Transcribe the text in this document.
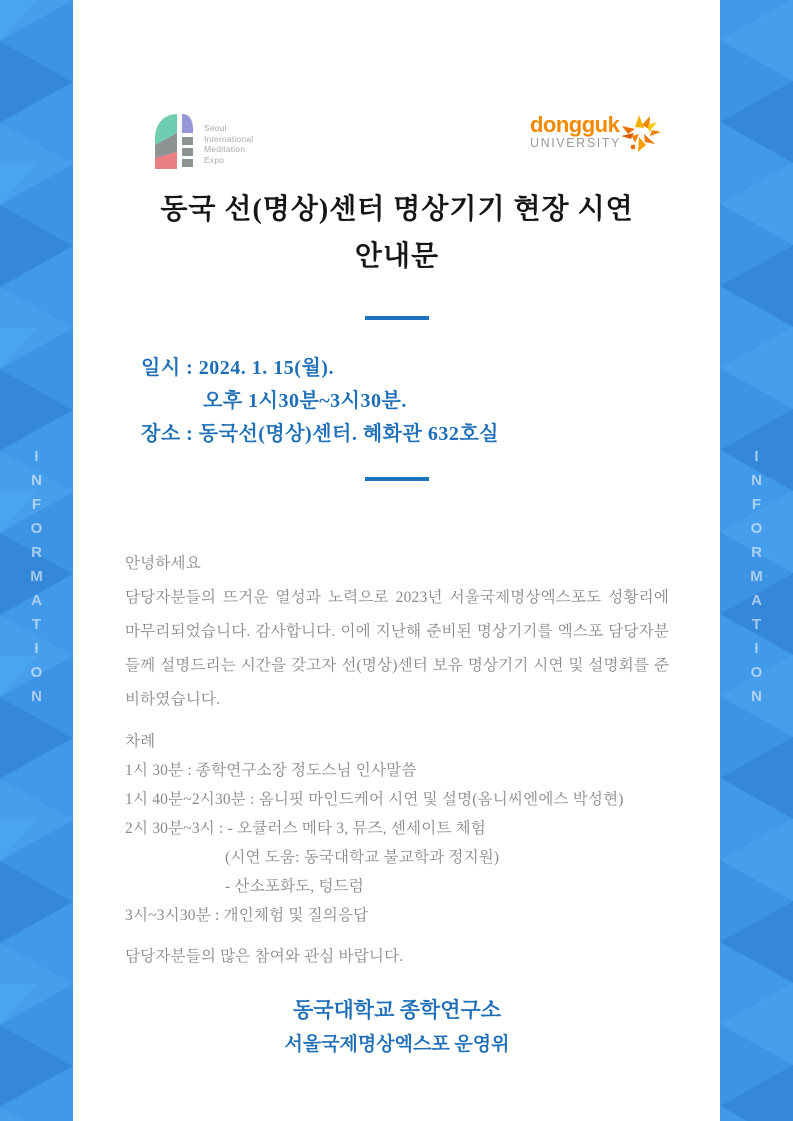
INFORMATION	INFORMATION
Seoul
International
Meditation
Expo
dongguk
UNIVERSITY
동국 선(명상)센터 명상기기 현장 시연
안내문
일시 : 2024. 1. 15(월).
오후 1시30분~3시30분.
장소 : 동국선(명상)센터. 혜화관 632호실
안녕하세요

담당자분들의 뜨거운 열성과 노력으로 2023년 서울국제명상엑스포도 성황리에 마무리되었습니다. 감사합니다. 이에 지난해 준비된 명상기기를 엑스포 담당자분들께 설명드리는 시간을 갖고자 선(명상)센터 보유 명상기기 시연 및 설명회를 준비하였습니다.

차례
1시 30분 : 종학연구소장 정도스님 인사말씀
1시 40분~2시30분 : 옴니핏 마인드케어 시연 및 설명(옴니씨엔에스 박성현)
2시 30분~3시 : - 오큘러스 메타 3, 뮤즈, 센세이트 체험
(시연 도움: 동국대학교 불교학과 정지원)
- 산소포화도, 텅드럼
3시~3시30분 : 개인체험 및 질의응답

담당자분들의 많은 참여와 관심 바랍니다.

동국대학교 종학연구소
서울국제명상엑스포 운영위
